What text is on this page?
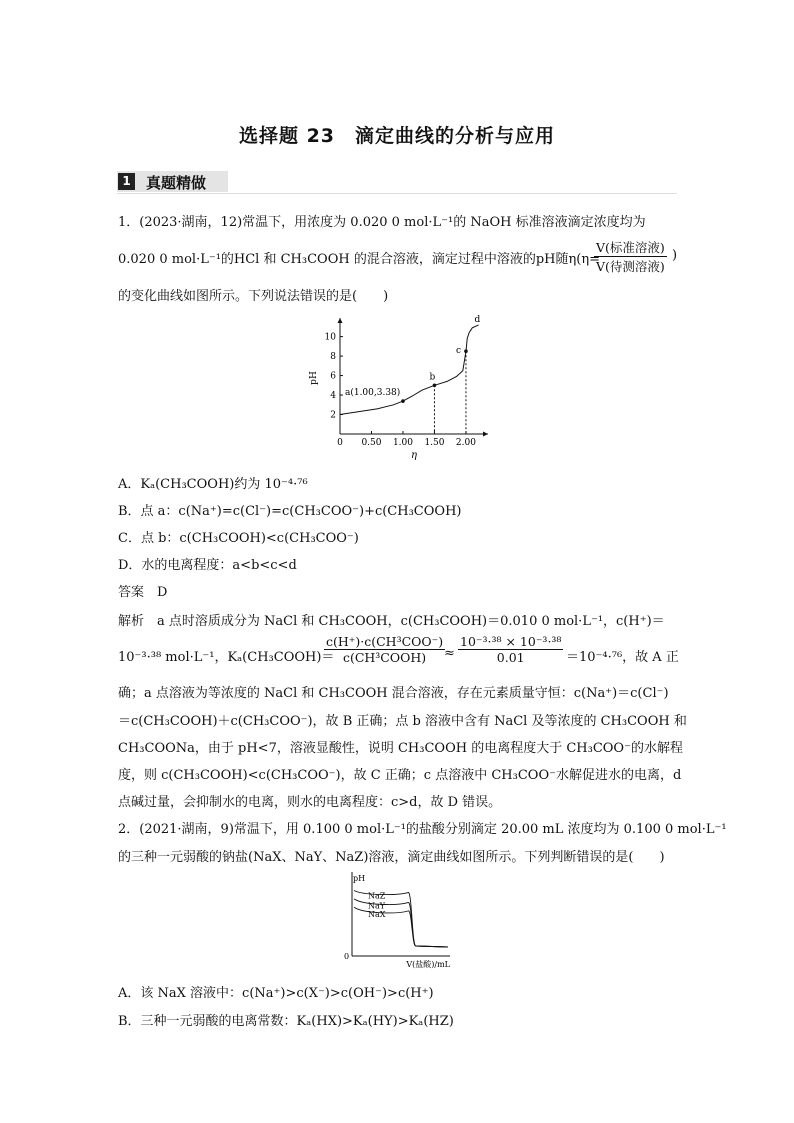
选择题 23　滴定曲线的分析与应用
1 真题精做
1．(2023·湖南，12)常温下，用浓度为 0.020 0 mol·L⁻¹的 NaOH 标准溶液滴定浓度均为
0.020 0 mol·L⁻¹的HCl 和 CH₃COOH 的混合溶液，滴定过程中溶液的pH随η(η=
V(标准溶液)
V(待测溶液)
)
的变化曲线如图所示。下列说法错误的是(　　)
0 0.50 1.00 1.50 2.00
2
4
6
8
10
η
pH
a(1.00,3.38)
b
c
d
A．Kₐ(CH₃COOH)约为 10⁻⁴·⁷⁶
B．点 a：c(Na⁺)=c(Cl⁻)=c(CH₃COO⁻)+c(CH₃COOH)
C．点 b：c(CH₃COOH)<c(CH₃COO⁻)
D．水的电离程度：a<b<c<d
答案　D
解析　a 点时溶质成分为 NaCl 和 CH₃COOH，c(CH₃COOH)＝0.010 0 mol·L⁻¹，c(H⁺)＝
10⁻³·³⁸ mol·L⁻¹，Kₐ(CH₃COOH)＝
c(H⁺)·c(CH³COO⁻)
c(CH³COOH)	≈ $\frac{\text{10⁻³·³⁸ × 10⁻³·³⁸}}{0.01} =10^{-4}\cdot^{76}$，故 A 正
确；a 点溶液为等浓度的 NaCl 和 CH₃COOH 混合溶液，存在元素质量守恒：c(Na⁺)＝c(Cl⁻)
＝c(CH₃COOH)＋c(CH₃COO⁻)，故 B 正确；点 b 溶液中含有 NaCl 及等浓度的 CH₃COOH 和
CH₃COONa，由于 pH<7，溶液显酸性，说明 CH₃COOH 的电离程度大于 CH₃COO⁻的水解程
度，则 c(CH₃COOH)<c(CH₃COO⁻)，故 C 正确；c 点溶液中 CH₃COO⁻水解促进水的电离，d
点碱过量，会抑制水的电离，则水的电离程度：c>d，故 D 错误。
2．(2021·湖南，9)常温下，用 0.100 0 mol·L⁻¹的盐酸分别滴定 20.00 mL 浓度均为 0.100 0 mol·L⁻¹
的三种一元弱酸的钠盐(NaX、NaY、NaZ)溶液，滴定曲线如图所示。下列判断错误的是(　　)
pH
0
V(盐酸)/mL
NaZ
NaY
NaX
A．该 NaX 溶液中：c(Na⁺)>c(X⁻)>c(OH⁻)>c(H⁺)
B．三种一元弱酸的电离常数：Kₐ(HX)>Kₐ(HY)>Kₐ(HZ)
